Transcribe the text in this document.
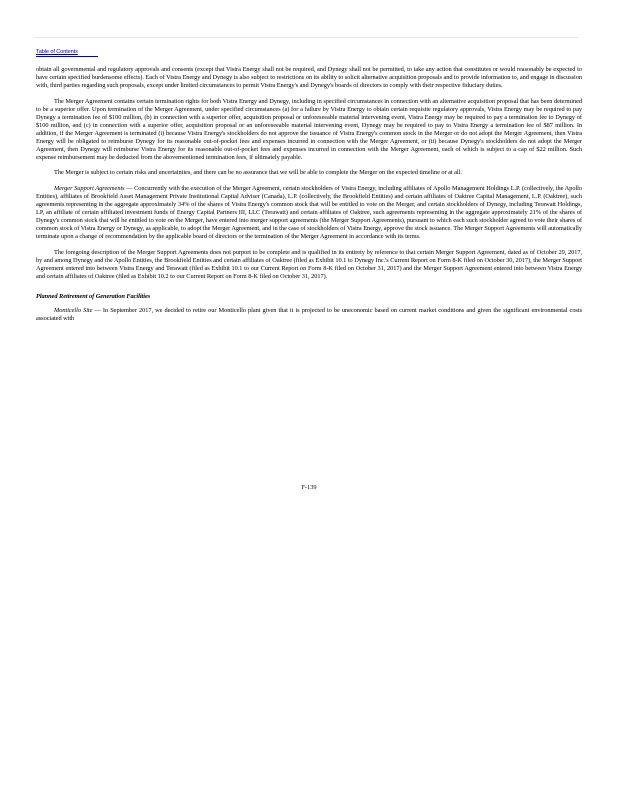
Table of Contents

obtain all governmental and regulatory approvals and consents (except that Vistra Energy shall not be required, and Dynegy shall not be permitted, to take any action that constitutes or would reasonably be expected to have certain specified burdensome effects). Each of Vistra Energy and Dynegy is also subject to restrictions on its ability to solicit alternative acquisition proposals and to provide information to, and engage in discussion with, third parties regarding such proposals, except under limited circumstances to permit Vistra Energy's and Dynegy's boards of directors to comply with their respective fiduciary duties.

The Merger Agreement contains certain termination rights for both Vistra Energy and Dynegy, including in specified circumstances in connection with an alternative acquisition proposal that has been determined to be a superior offer. Upon termination of the Merger Agreement, under specified circumstances (a) for a failure by Vistra Energy to obtain certain requisite regulatory approvals, Vistra Energy may be required to pay Dynegy a termination fee of $100 million, (b) in connection with a superior offer, acquisition proposal or unforeseeable material intervening event, Vistra Energy may be required to pay a termination fee to Dynegy of $100 million, and (c) in connection with a superior offer, acquisition proposal or an unforeseeable material intervening event, Dynegy may be required to pay to Vistra Energy a termination fee of $87 million. In addition, if the Merger Agreement is terminated (i) because Vistra Energy's stockholders do not approve the issuance of Vistra Energy's common stock in the Merger or do not adopt the Merger Agreement, then Vistra Energy will be obligated to reimburse Dynegy for its reasonable out-of-pocket fees and expenses incurred in connection with the Merger Agreement, or (ii) because Dynegy's stockholders do not adopt the Merger Agreement, then Dynegy will reimburse Vistra Energy for its reasonable out-of-pocket fees and expenses incurred in connection with the Merger Agreement, each of which is subject to a cap of $22 million. Such expense reimbursement may be deducted from the abovementioned termination fees, if ultimately payable.

The Merger is subject to certain risks and uncertainties, and there can be no assurance that we will be able to complete the Merger on the expected timeline or at all.

Merger Support Agreements — Concurrently with the execution of the Merger Agreement, certain stockholders of Vistra Energy, including affiliates of Apollo Management Holdings L.P. (collectively, the Apollo Entities), affiliates of Brookfield Asset Management Private Institutional Capital Adviser (Canada), L.P. (collectively, the Brookfield Entities) and certain affiliates of Oaktree Capital Management, L.P. (Oaktree), such agreements representing in the aggregate approximately 34% of the shares of Vistra Energy's common stock that will be entitled to vote on the Merger, and certain stockholders of Dynegy, including Terawatt Holdings, LP, an affiliate of certain affiliated investment funds of Energy Capital Partners III, LLC (Terawatt) and certain affiliates of Oaktree, such agreements representing in the aggregate approximately 21% of the shares of Dynegy's common stock that will be entitled to vote on the Merger, have entered into merger support agreements (the Merger Support Agreements), pursuant to which each such stockholder agreed to vote their shares of common stock of Vistra Energy or Dynegy, as applicable, to adopt the Merger Agreement, and in the case of stockholders of Vistra Energy, approve the stock issuance. The Merger Support Agreements will automatically terminate upon a change of recommendation by the applicable board of directors or the termination of the Merger Agreement in accordance with its terms.

The foregoing description of the Merger Support Agreements does not purport to be complete and is qualified in its entirety by reference to that certain Merger Support Agreement, dated as of October 29, 2017, by and among Dynegy and the Apollo Entities, the Brookfield Entities and certain affiliates of Oaktree (filed as Exhibit 10.1 to Dynegy Inc.'s Current Report on Form 8-K filed on October 30, 2017), the Merger Support Agreement entered into between Vistra Energy and Terawatt (filed as Exhibit 10.1 to our Current Report on Form 8-K filed on October 31, 2017) and the Merger Support Agreement entered into between Vistra Energy and certain affiliates of Oaktree (filed as Exhibit 10.2 to our Current Report on Form 8-K filed on October 31, 2017).

Planned Retirement of Generation Facilities

Monticello Site — In September 2017, we decided to retire our Monticello plant given that it is projected to be uneconomic based on current market conditions and given the significant environmental costs associated with

F-139
